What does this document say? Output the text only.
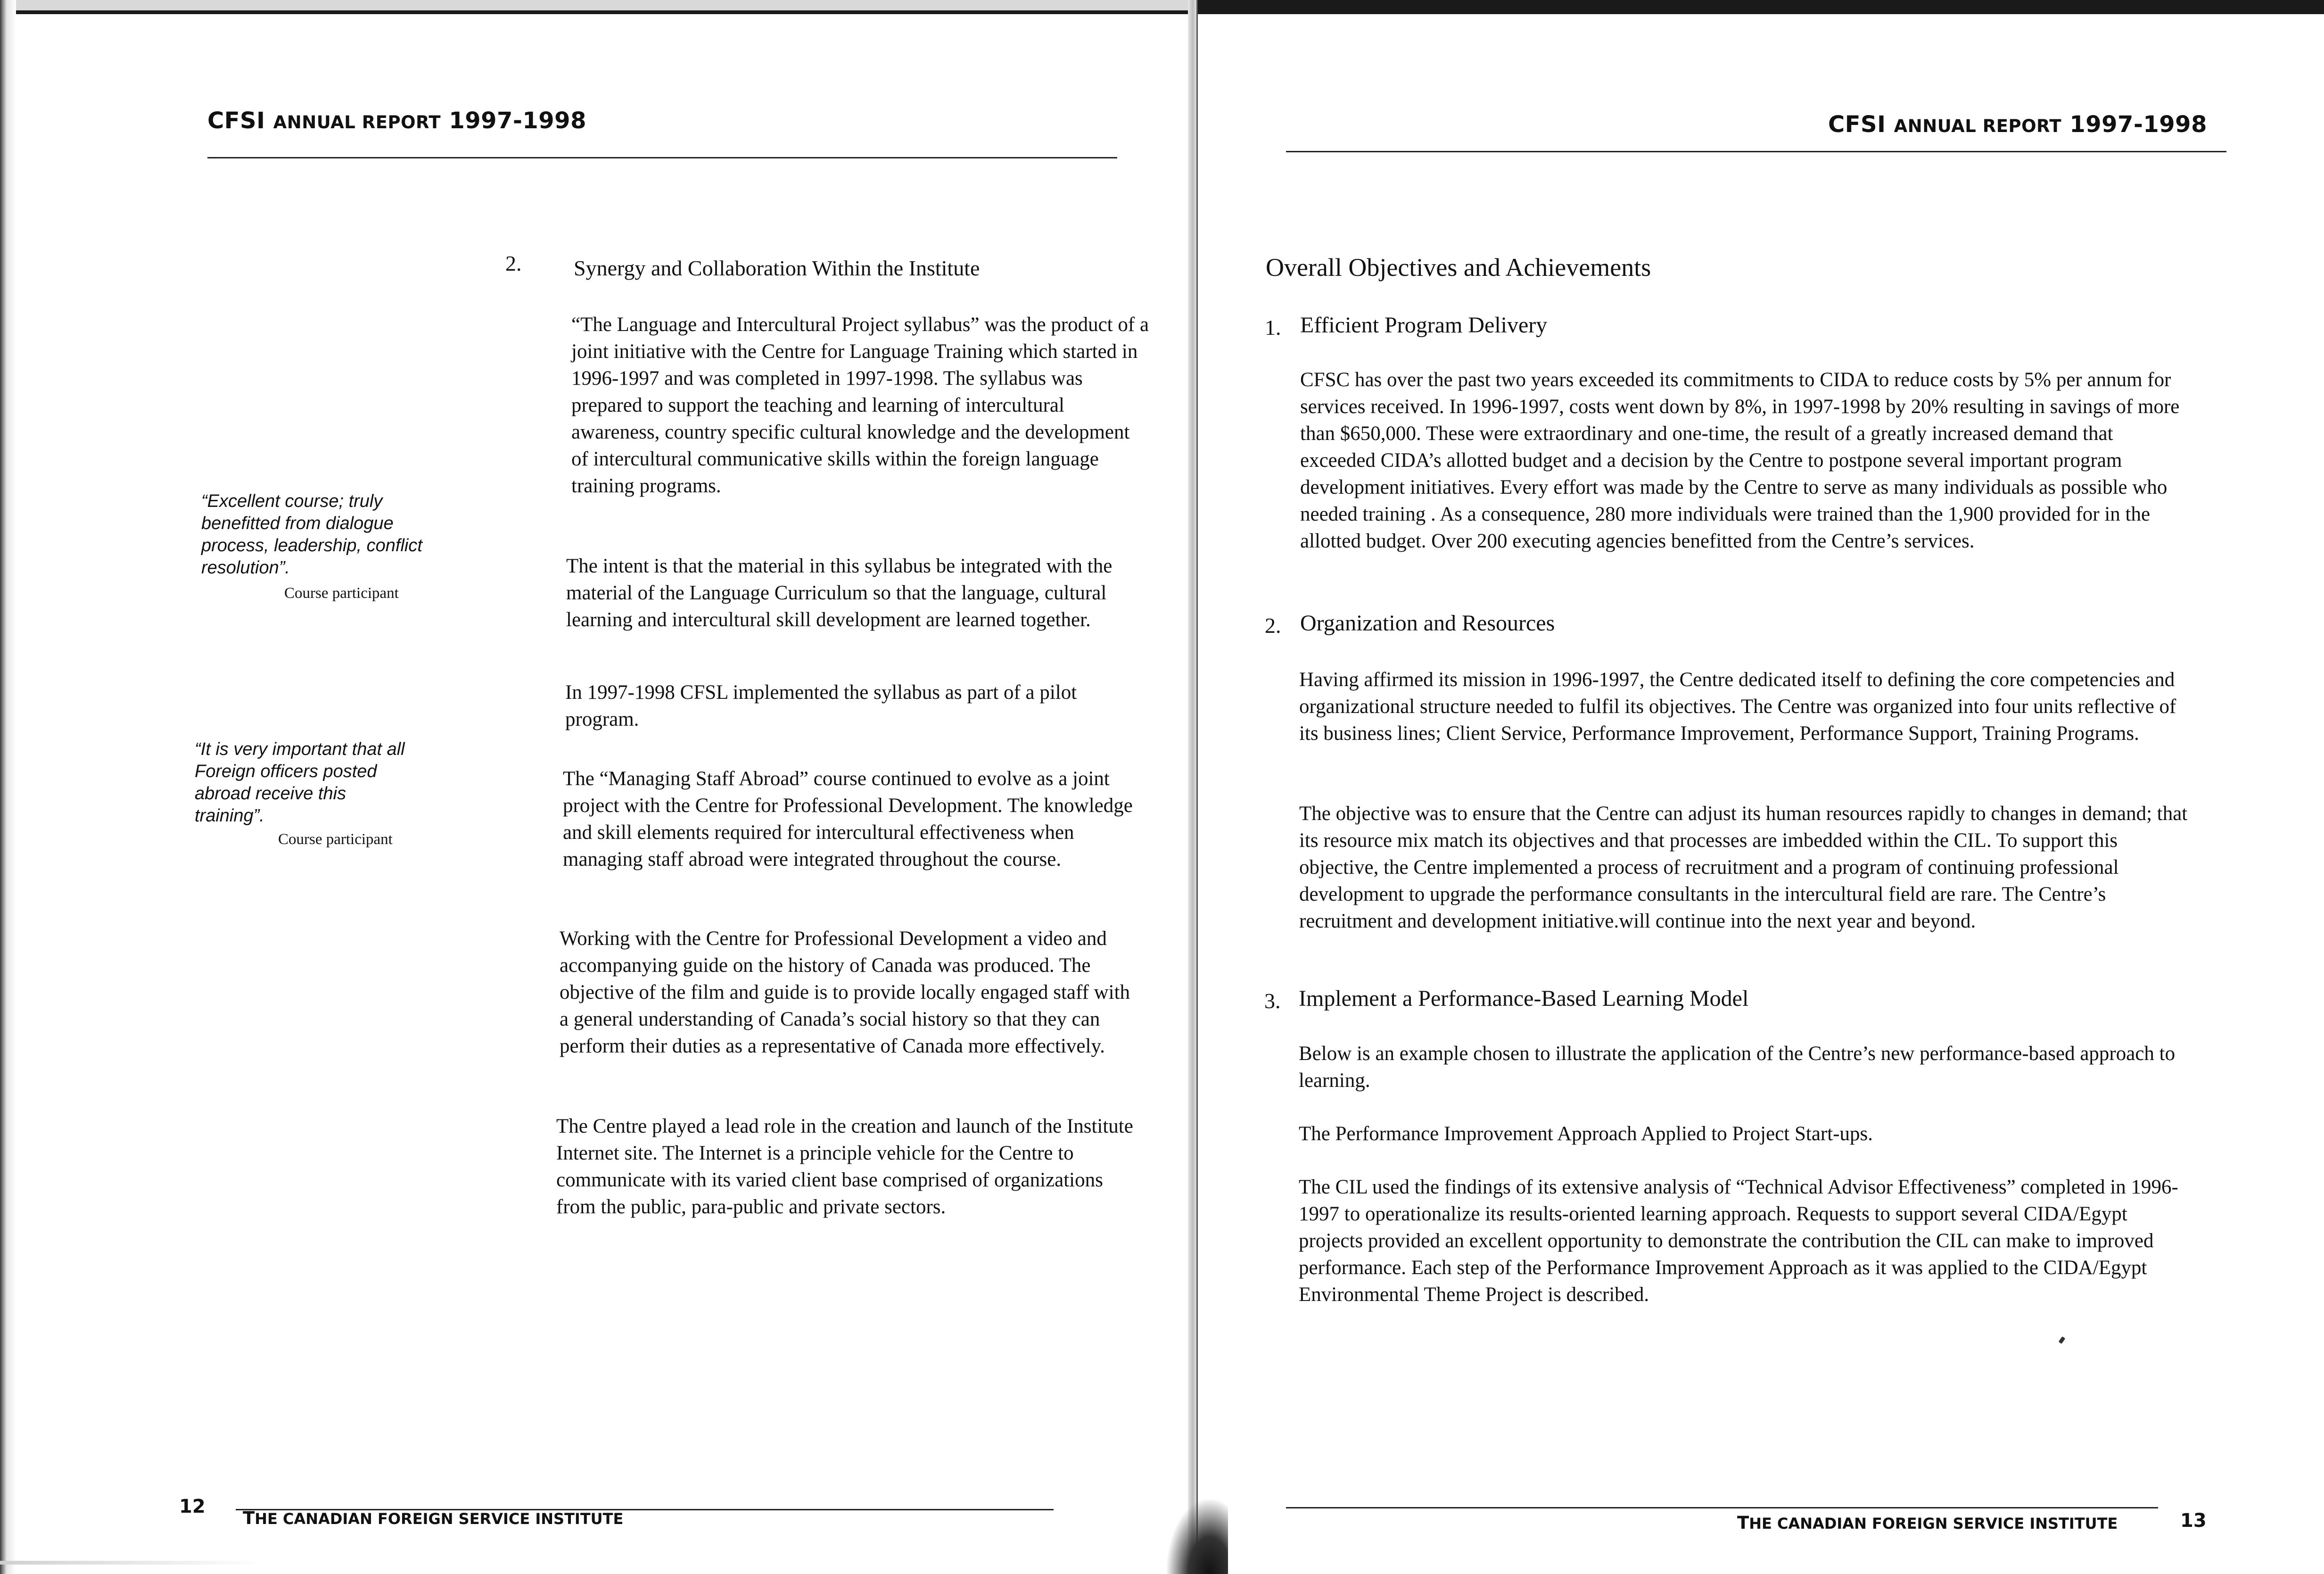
CFSI ANNUAL REPORT 1997-1998
2. Synergy and Collaboration Within the Institute

“The Language and Intercultural Project syllabus” was the product of a joint initiative with the Centre for Language Training which started in 1996-1997 and was completed in 1997-1998. The syllabus was prepared to support the teaching and learning of intercultural awareness, country specific cultural knowledge and the development of intercultural communicative skills within the foreign language training programs.

The intent is that the material in this syllabus be integrated with the material of the Language Curriculum so that the language, cultural learning and intercultural skill development are learned together.

In 1997-1998 CFSL implemented the syllabus as part of a pilot program.

The “Managing Staff Abroad” course continued to evolve as a joint project with the Centre for Professional Development. The knowledge and skill elements required for intercultural effectiveness when managing staff abroad were integrated throughout the course.

Working with the Centre for Professional Development a video and accompanying guide on the history of Canada was produced. The objective of the film and guide is to provide locally engaged staff with a general understanding of Canada’s social history so that they can perform their duties as a representative of Canada more effectively.

The Centre played a lead role in the creation and launch of the Institute Internet site. The Internet is a principle vehicle for the Centre to communicate with its varied client base comprised of organizations from the public, para-public and private sectors.

“Excellent course; truly benefitted from dialogue process, leadership, conflict resolution”.

Course participant

“It is very important that all Foreign officers posted abroad receive this training”.

Course participant
12
THE CANADIAN FOREIGN SERVICE INSTITUTE
CFSI ANNUAL REPORT 1997-1998
Overall Objectives and Achievements
1. Efficient Program Delivery

CFSC has over the past two years exceeded its commitments to CIDA to reduce costs by 5% per annum for services received. In 1996-1997, costs went down by 8%, in 1997-1998 by 20% resulting in savings of more than $650,000. These were extraordinary and one-time, the result of a greatly increased demand that exceeded CIDA’s allotted budget and a decision by the Centre to postpone several important program development initiatives. Every effort was made by the Centre to serve as many individuals as possible who needed training . As a consequence, 280 more individuals were trained than the 1,900 provided for in the allotted budget. Over 200 executing agencies benefitted from the Centre’s services.

2. Organization and Resources

Having affirmed its mission in 1996-1997, the Centre dedicated itself to defining the core competencies and organizational structure needed to fulfil its objectives. The Centre was organized into four units reflective of its business lines; Client Service, Performance Improvement, Performance Support, Training Programs.

The objective was to ensure that the Centre can adjust its human resources rapidly to changes in demand; that its resource mix match its objectives and that processes are imbedded within the CIL. To support this objective, the Centre implemented a process of recruitment and a program of continuing professional development to upgrade the performance consultants in the intercultural field are rare. The Centre’s recruitment and development initiative.will continue into the next year and beyond.

3. Implement a Performance-Based Learning Model

Below is an example chosen to illustrate the application of the Centre’s new performance-based approach to learning.

The Performance Improvement Approach Applied to Project Start-ups.

The CIL used the findings of its extensive analysis of “Technical Advisor Effectiveness” completed in 1996-1997 to operationalize its results-oriented learning approach. Requests to support several CIDA/Egypt projects provided an excellent opportunity to demonstrate the contribution the CIL can make to improved performance. Each step of the Performance Improvement Approach as it was applied to the CIDA/Egypt Environmental Theme Project is described.

THE CANADIAN FOREIGN SERVICE INSTITUTE	13
